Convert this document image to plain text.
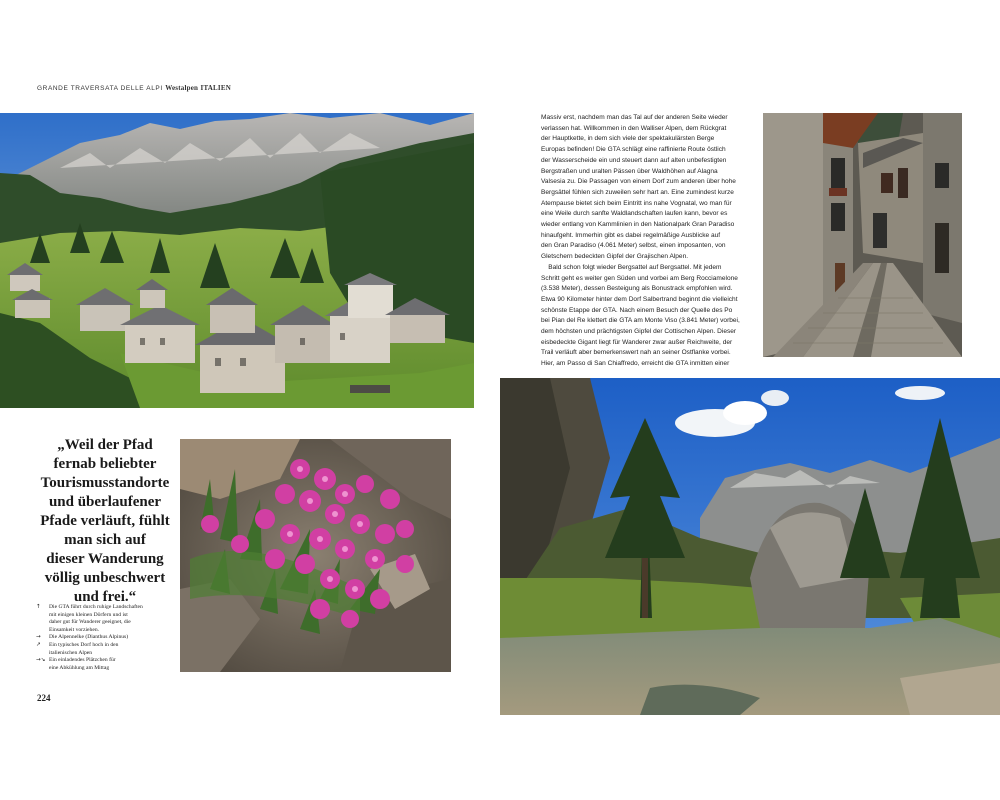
GRANDE TRAVERSATA DELLE ALPI Westalpen ITALIEN
„Weil der Pfad
fernab beliebter
Tourismusstandorte
und überlaufener
Pfade verläuft, fühlt
man sich auf
dieser Wanderung
völlig unbeschwert
und frei.“
↑	Die GTA führt durch ruhige Landschaften
mit einigen kleinen Dörfern und ist
daher gut für Wanderer geeignet, die
Einsamkeit vorziehen.
→	Die Alpennelke (Dianthus Alpinus)
↗	Ein typisches Dorf hoch in den
italienischen Alpen
→↘ Ein einladendes Plätzchen für
eine Abkühlung am Mittag
224
Massiv erst, nachdem man das Tal auf der anderen Seite wieder
verlassen hat. Willkommen in den Walliser Alpen, dem Rückgrat
der Hauptkette, in dem sich viele der spektakulärsten Berge
Europas befinden! Die GTA schlägt eine raffinierte Route östlich
der Wasserscheide ein und steuert dann auf alten unbefestigten
Bergstraßen und uralten Pässen über Waldhöhen auf Alagna
Valsesia zu. Die Passagen von einem Dorf zum anderen über hohe
Bergsättel fühlen sich zuweilen sehr hart an. Eine zumindest kurze
Atempause bietet sich beim Eintritt ins nahe Vognatal, wo man für
eine Weile durch sanfte Waldlandschaften laufen kann, bevor es
wieder entlang von Kammlinien in den Nationalpark Gran Paradiso
hinaufgeht. Immerhin gibt es dabei regelmäßige Ausblicke auf
den Gran Paradiso (4.061 Meter) selbst, einen imposanten, von
Gletschern bedeckten Gipfel der Grajischen Alpen.
Bald schon folgt wieder Bergsattel auf Bergsattel. Mit jedem
Schritt geht es weiter gen Süden und vorbei am Berg Rocciamelone
(3.538 Meter), dessen Besteigung als Bonustrack empfohlen wird.
Etwa 90 Kilometer hinter dem Dorf Salbertrand beginnt die vielleicht
schönste Etappe der GTA. Nach einem Besuch der Quelle des Po
bei Pian del Re klettert die GTA am Monte Viso (3.841 Meter) vorbei,
dem höchsten und prächtigsten Gipfel der Cottischen Alpen. Dieser
eisbedeckte Gigant liegt für Wanderer zwar außer Reichweite, der
Trail verläuft aber bemerkenswert nah an seiner Ostflanke vorbei.
Hier, am Passo di San Chiaffredo, erreicht die GTA inmitten einer
